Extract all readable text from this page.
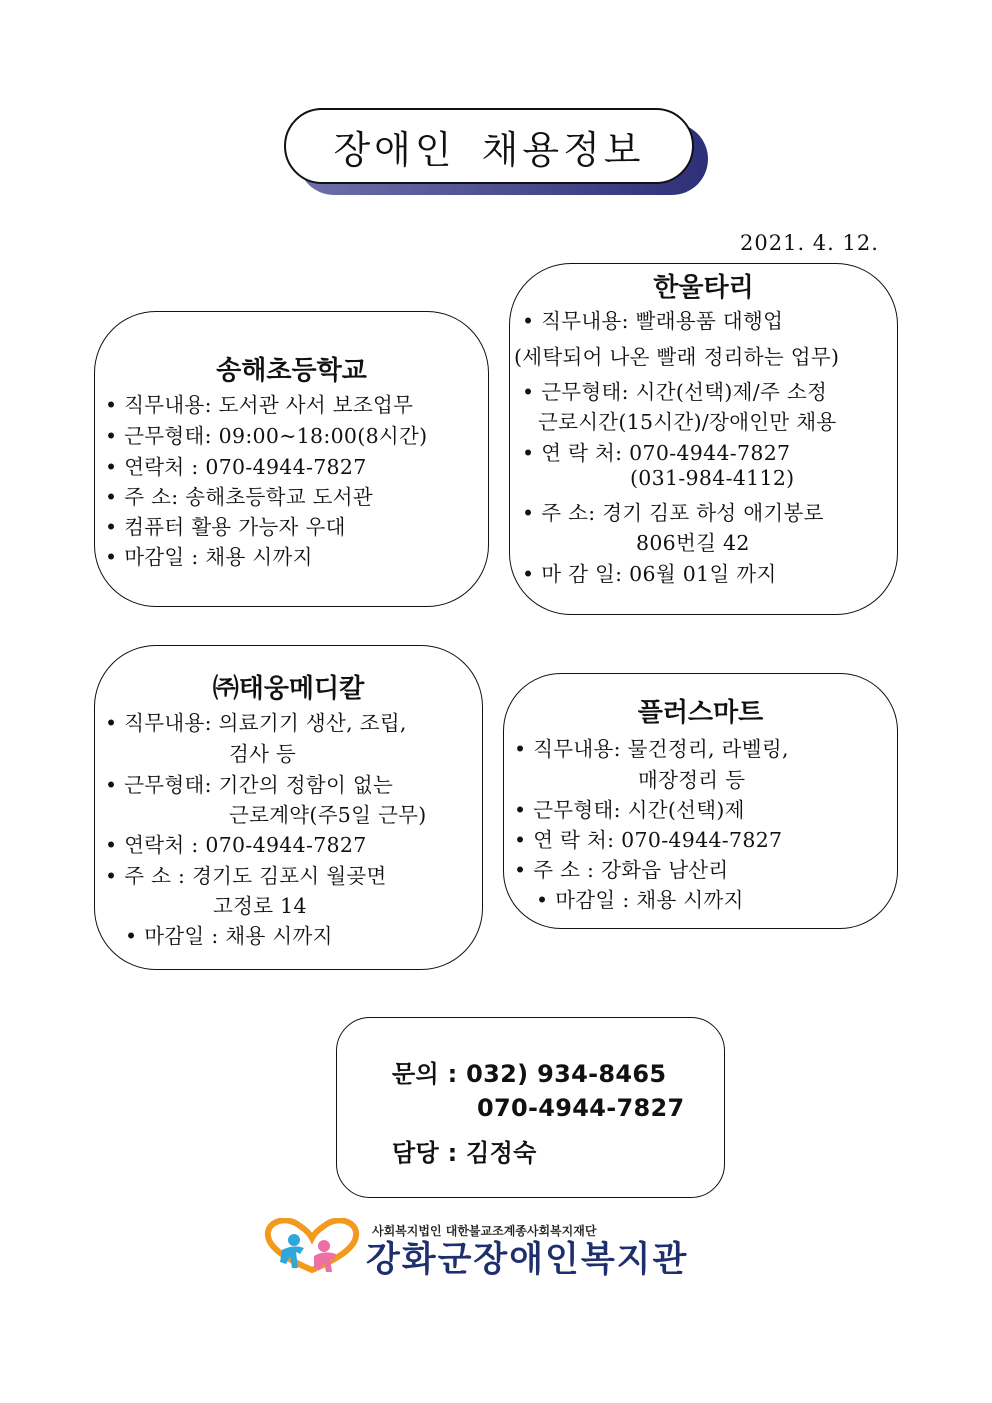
장애인 채용정보
2021. 4. 12.
송해초등학교
• 직무내용: 도서관 사서 보조업무
• 근무형태: 09:00~18:00(8시간)
• 연락처 : 070-4944-7827
• 주 소: 송해초등학교 도서관
• 컴퓨터 활용 가능자 우대
• 마감일 : 채용 시까지
한울타리
• 직무내용: 빨래용품 대행업
(세탁되어 나온 빨래 정리하는 업무)
• 근무형태: 시간(선택)제/주 소정
근로시간(15시간)/장애인만 채용
• 연 락 처: 070-4944-7827
(031-984-4112)
• 주 소: 경기 김포 하성 애기봉로
806번길 42
• 마 감 일: 06월 01일 까지
㈜태웅메디칼
• 직무내용: 의료기기 생산, 조립,
검사 등
• 근무형태: 기간의 정함이 없는
근로계약(주5일 근무)
• 연락처 : 070-4944-7827
• 주 소 : 경기도 김포시 월곶면
고정로 14
• 마감일 : 채용 시까지
플러스마트
• 직무내용: 물건정리, 라벨링,
매장정리 등
• 근무형태: 시간(선택)제
• 연 락 처: 070-4944-7827
• 주 소 : 강화읍 남산리
• 마감일 : 채용 시까지
문의 : 032) 934-8465
070-4944-7827
담당 : 김정숙
사회복지법인 대한불교조계종사회복지재단
강화군장애인복지관
